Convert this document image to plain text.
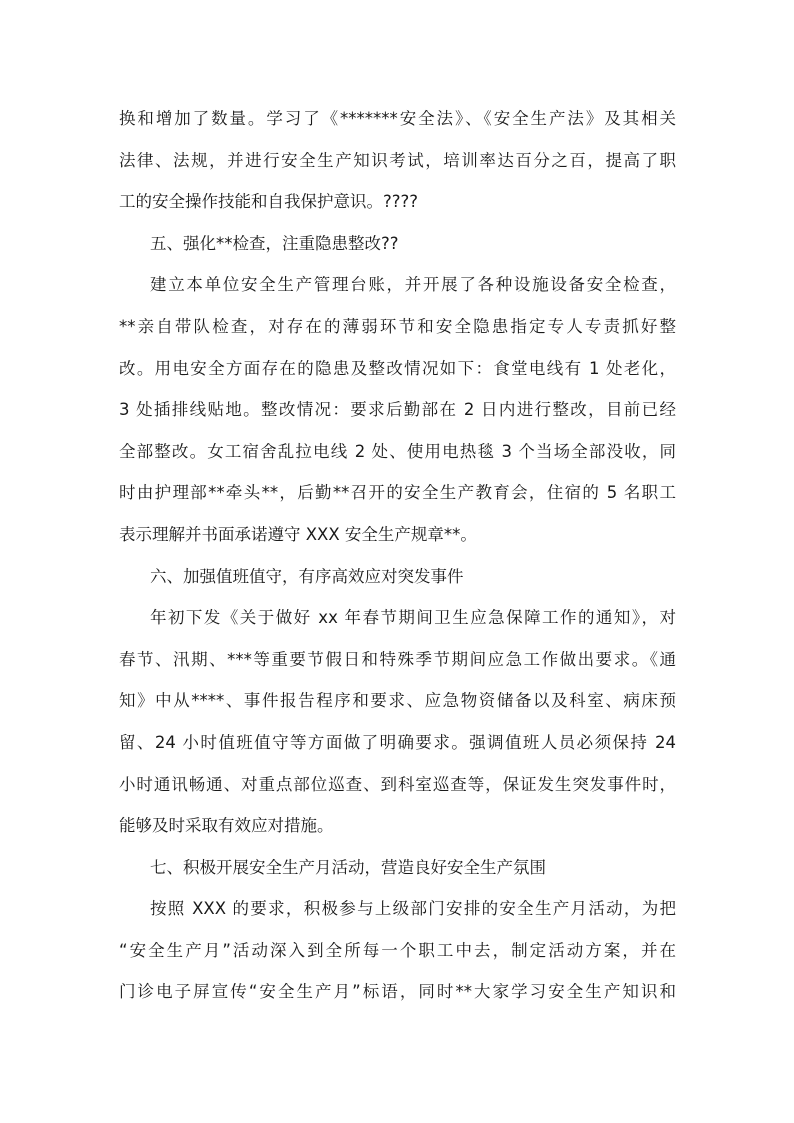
换和增加了数量。学习了《*******安全法》、《安全生产法》及其相关
法律、法规，并进行安全生产知识考试，培训率达百分之百，提高了职
工的安全操作技能和自我保护意识。????
五、强化**检查，注重隐患整改??
建立本单位安全生产管理台账，并开展了各种设施设备安全检查，
**亲自带队检查，对存在的薄弱环节和安全隐患指定专人专责抓好整
改。用电安全方面存在的隐患及整改情况如下：食堂电线有 1 处老化，
3 处插排线贴地。整改情况：要求后勤部在 2 日内进行整改，目前已经
全部整改。女工宿舍乱拉电线 2 处、使用电热毯 3 个当场全部没收，同
时由护理部**牵头**，后勤**召开的安全生产教育会，住宿的 5 名职工
表示理解并书面承诺遵守 XXX 安全生产规章**。
六、加强值班值守，有序高效应对突发事件
年初下发《关于做好 xx 年春节期间卫生应急保障工作的通知》，对
春节、汛期、***等重要节假日和特殊季节期间应急工作做出要求。《通
知》中从****、事件报告程序和要求、应急物资储备以及科室、病床预
留、24 小时值班值守等方面做了明确要求。强调值班人员必须保持 24
小时通讯畅通、对重点部位巡查、到科室巡查等，保证发生突发事件时，
能够及时采取有效应对措施。
七、积极开展安全生产月活动，营造良好安全生产氛围
按照 XXX 的要求，积极参与上级部门安排的安全生产月活动，为把
“安全生产月”活动深入到全所每一个职工中去，制定活动方案，并在
门诊电子屏宣传“安全生产月”标语，同时**大家学习安全生产知识和
